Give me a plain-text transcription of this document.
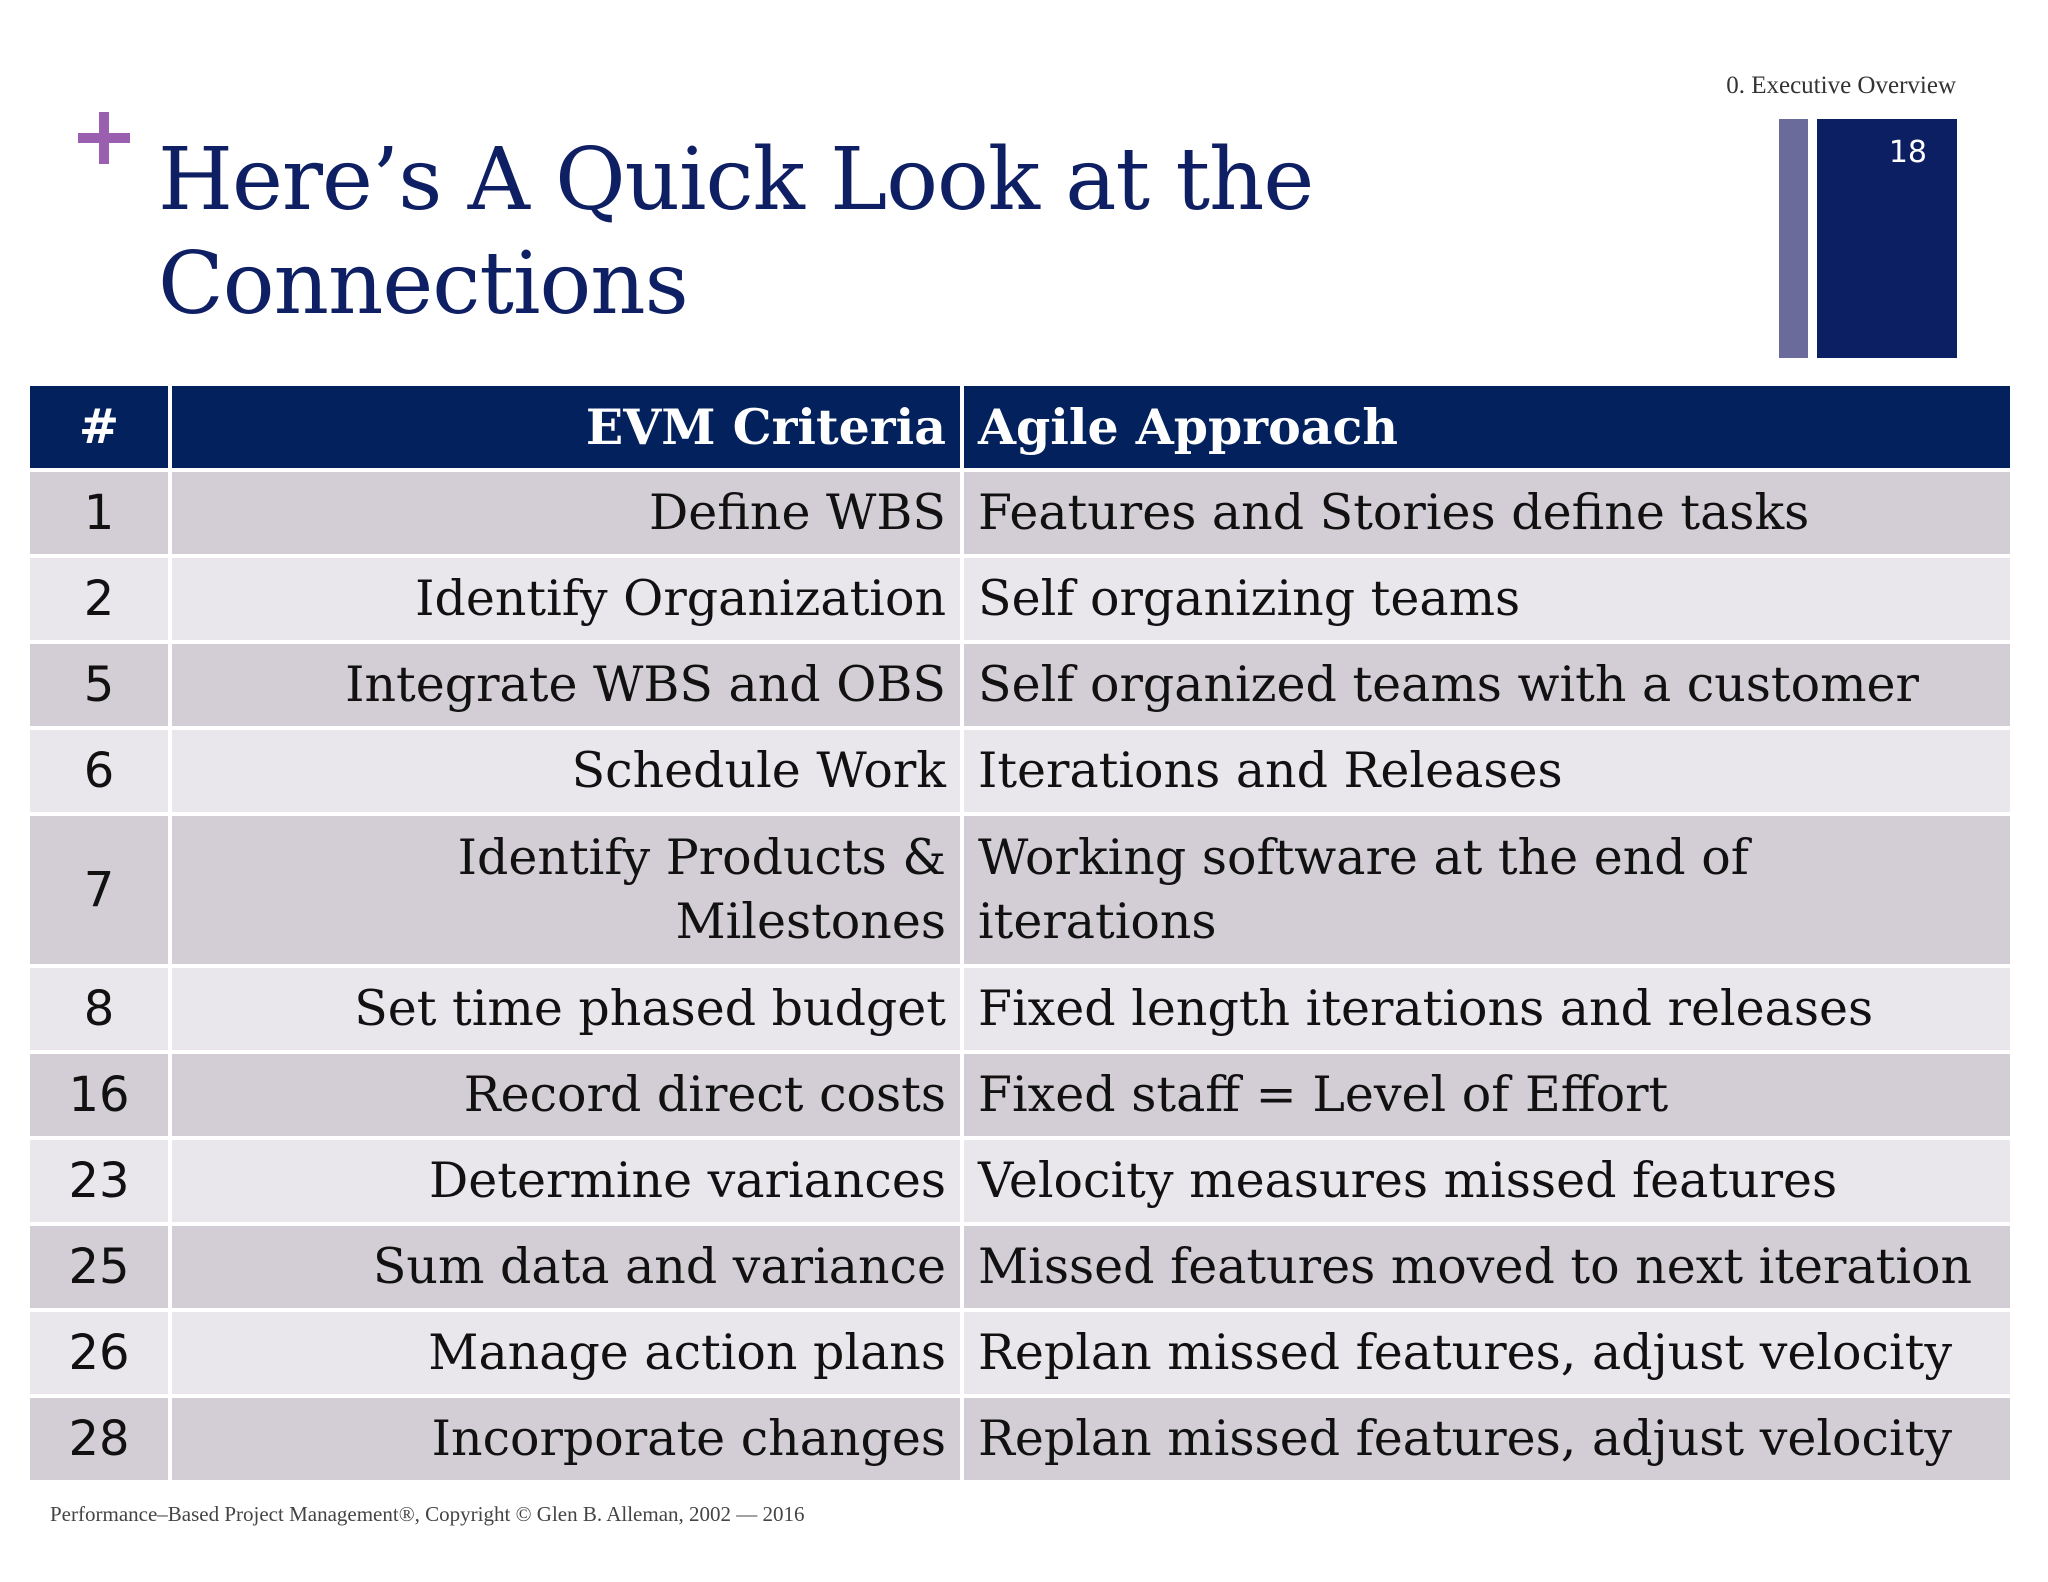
0. Executive Overview
Here’s A Quick Look at the Connections
18
#	EVM Criteria	Agile Approach
1	Define WBS	Features and Stories define tasks
2	Identify Organization	Self organizing teams
5	Integrate WBS and OBS	Self organized teams with a customer
6	Schedule Work	Iterations and Releases
7	Identify Products & Milestones	Working software at the end of iterations
8	Set time phased budget	Fixed length iterations and releases
16	Record direct costs	Fixed staff = Level of Effort
23	Determine variances	Velocity measures missed features
25	Sum data and variance	Missed features moved to next iteration
26	Manage action plans	Replan missed features, adjust velocity
28	Incorporate changes	Replan missed features, adjust velocity
Performance–Based Project Management®, Copyright © Glen B. Alleman, 2002 — 2016
